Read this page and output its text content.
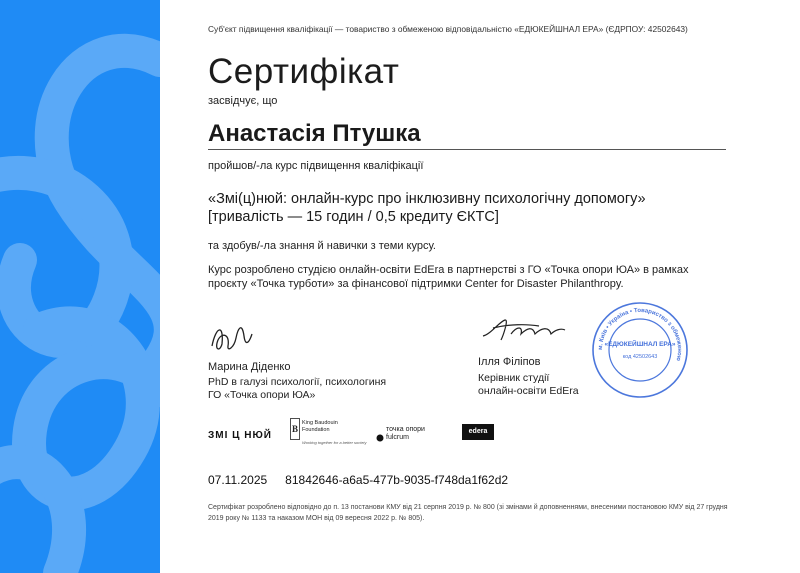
Суб'єкт підвищення кваліфікації — товариство з обмеженою відповідальністю «ЕДЮКЕЙШНАЛ ЕРА» (ЄДРПОУ: 42502643)
Сертифікат
засвідчує, що
Анастасія Птушка
пройшов/-ла курс підвищення кваліфікації
«Змі(ц)нюй: онлайн-курс про інклюзивну психологічну допомогу»
[тривалість — 15 годин / 0,5 кредиту ЄКТС]
та здобув/-ла знання й навички з теми курсу.
Курс розроблено студією онлайн-освіти EdEra в партнерстві з ГО «Точка опори ЮА» в рамках проєкту «Точка турботи» за фінансової підтримки Center for Disaster Philanthropy.
Марина Діденко
PhD в галузі психології, психологиня
ГО «Точка опори ЮА»
Ілля Філіпов
Керівник студії
онлайн-освіти EdEra
м. Київ • Україна • Товариство з обмеженою
«ЕДЮКЕЙШНАЛ ЕРА»
код 42502643
ЗМІ Ц НЮЙ
B
King Baudouin
Foundation
Working together for a better society
точка опори
fulcrum
edera
07.11.2025 81842646-a6a5-477b-9035-f748da1f62d2
Сертифікат розроблено відповідно до п. 13 постанови КМУ від 21 серпня 2019 р. № 800 (зі змінами й доповненнями, внесеними постановою КМУ від 27 грудня 2019 року № 1133 та наказом МОН від 09 вересня 2022 р. № 805).
